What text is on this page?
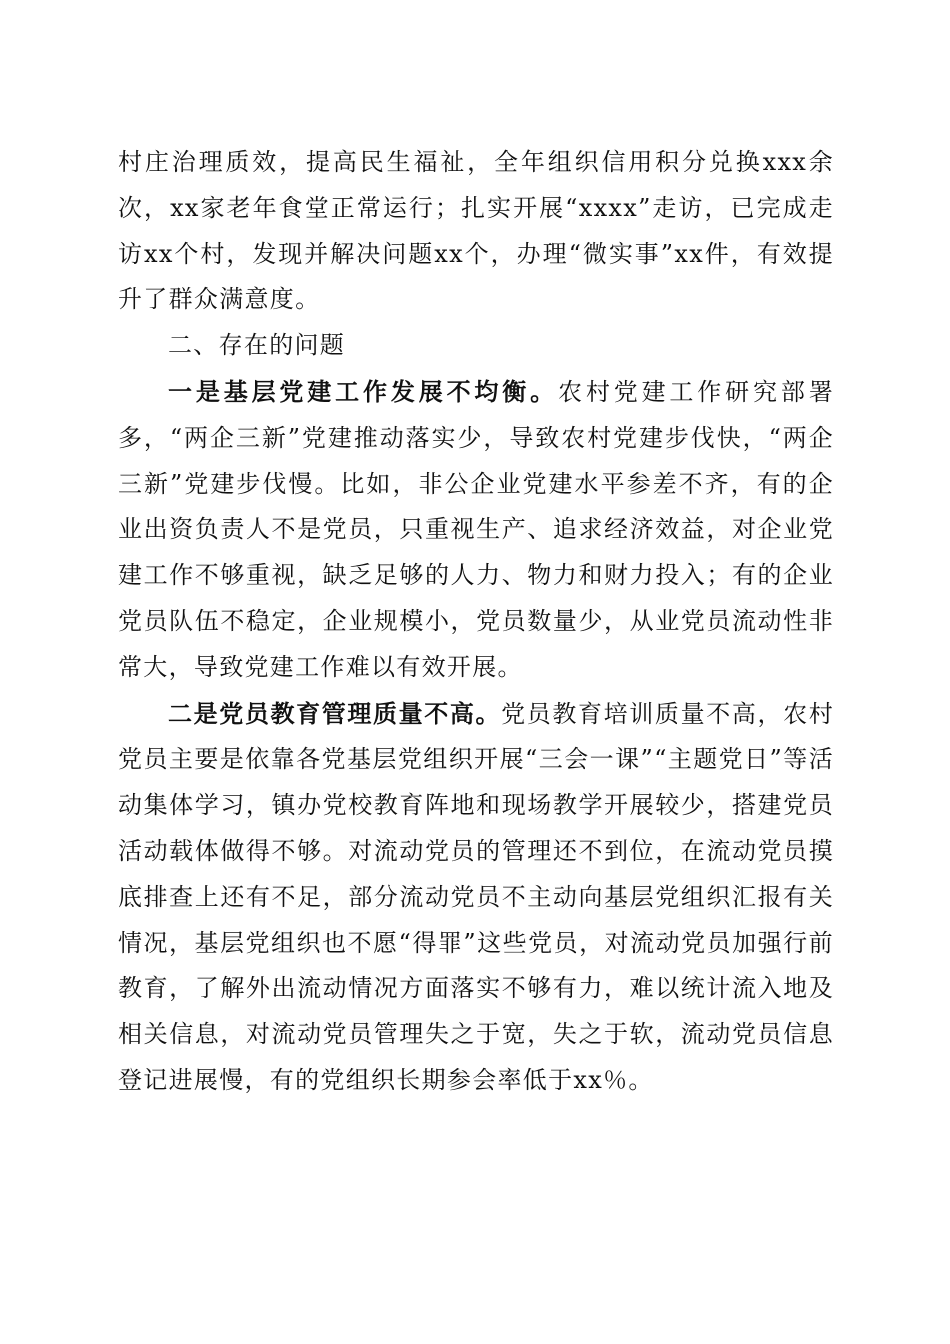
村庄治理质效，提高民生福祉，全年组织信用积分兑换xxx余次，xx家老年食堂正常运行；扎实开展“xxxx”走访，已完成走访xx个村，发现并解决问题xx个，办理“微实事”xx件，有效提升了群众满意度。

二、存在的问题

一是基层党建工作发展不均衡。农村党建工作研究部署多，“两企三新”党建推动落实少，导致农村党建步伐快，“两企三新”党建步伐慢。比如，非公企业党建水平参差不齐，有的企业出资负责人不是党员，只重视生产、追求经济效益，对企业党建工作不够重视，缺乏足够的人力、物力和财力投入；有的企业党员队伍不稳定，企业规模小，党员数量少，从业党员流动性非常大，导致党建工作难以有效开展。

二是党员教育管理质量不高。党员教育培训质量不高，农村党员主要是依靠各党基层党组织开展“三会一课”“主题党日”等活动集体学习，镇办党校教育阵地和现场教学开展较少，搭建党员活动载体做得不够。对流动党员的管理还不到位，在流动党员摸底排查上还有不足，部分流动党员不主动向基层党组织汇报有关情况，基层党组织也不愿“得罪”这些党员，对流动党员加强行前教育，了解外出流动情况方面落实不够有力，难以统计流入地及相关信息，对流动党员管理失之于宽，失之于软，流动党员信息登记进展慢，有的党组织长期参会率低于xx％。
